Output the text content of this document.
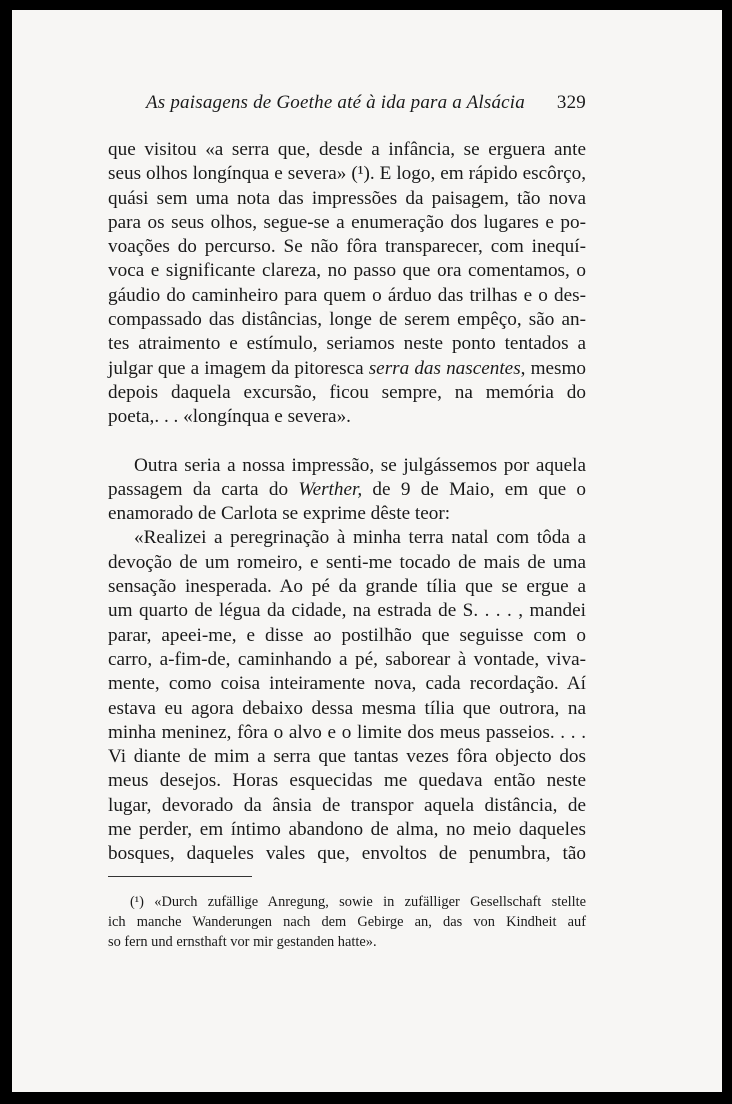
As paisagens de Goethe até à ida para a Alsácia 329

que visitou «a serra que, desde a infância, se erguera ante

seus olhos longínqua e severa» (¹). E logo, em rápido escôrço,

quási sem uma nota das impressões da paisagem, tão nova

para os seus olhos, segue-se a enumeração dos lugares e po-

voações do percurso. Se não fôra transparecer, com inequí-

voca e significante clareza, no passo que ora comentamos, o

gáudio do caminheiro para quem o árduo das trilhas e o des-

compassado das distâncias, longe de serem empêço, são an-

tes atraimento e estímulo, seriamos neste ponto tentados a

julgar que a imagem da pitoresca serra das nascentes, mesmo

depois daquela excursão, ficou sempre, na memória do

poeta,. . . «longínqua e severa».

Outra seria a nossa impressão, se julgássemos por aquela

passagem da carta do Werther, de 9 de Maio, em que o

enamorado de Carlota se exprime dêste teor:

«Realizei a peregrinação à minha terra natal com tôda a

devoção de um romeiro, e senti-me tocado de mais de uma

sensação inesperada. Ao pé da grande tília que se ergue a

um quarto de légua da cidade, na estrada de S. . . . , mandei

parar, apeei-me, e disse ao postilhão que seguisse com o

carro, a-fim-de, caminhando a pé, saborear à vontade, viva-

mente, como coisa inteiramente nova, cada recordação. Aí

estava eu agora debaixo dessa mesma tília que outrora, na

minha meninez, fôra o alvo e o limite dos meus passeios. . . .

Vi diante de mim a serra que tantas vezes fôra objecto dos

meus desejos. Horas esquecidas me quedava então neste

lugar, devorado da ânsia de transpor aquela distância, de

me perder, em íntimo abandono de alma, no meio daqueles

bosques, daqueles vales que, envoltos de penumbra, tão

(¹) «Durch zufällige Anregung, sowie in zufälliger Gesellschaft stellte

ich manche Wanderungen nach dem Gebirge an, das von Kindheit auf

so fern und ernsthaft vor mir gestanden hatte».
